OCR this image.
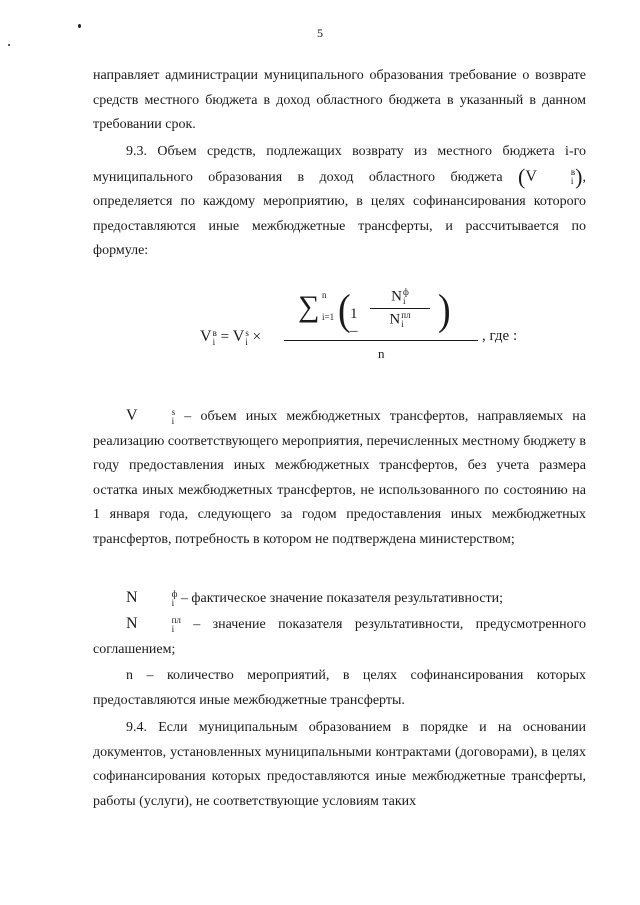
5

направляет администрации муниципального образования требование о возврате средств местного бюджета в доход областного бюджета в указанный в данном требовании срок.

9.3. Объем средств, подлежащих возврату из местного бюджета i-го муниципального образования в доход областного бюджета (V	в
i ), определяется по каждому мероприятию, в целях софинансирования которого предоставляются иные межбюджетные трансферты, и рассчитывается по формуле:

V в
i = V s
i ×
∑ n
i=1 ( 1 –
N ф
i
N пл
i )
n
, где :

V	s
i – объем иных межбюджетных трансфертов, направляемых на реализацию соответствующего мероприятия, перечисленных местному бюджету в году предоставления иных межбюджетных трансфертов, без учета размера остатка иных межбюджетных трансфертов, не использованного по состоянию на 1 января года, следующего за годом предоставления иных межбюджетных трансфертов, потребность в котором не подтверждена министерством;

N	ф
i – фактическое значение показателя результативности;

N	пл
i – значение показателя результативности, предусмотренного соглашением;

n – количество мероприятий, в целях софинансирования которых предоставляются иные межбюджетные трансферты.

9.4. Если муниципальным образованием в порядке и на основании документов, установленных муниципальными контрактами (договорами), в целях софинансирования которых предоставляются иные межбюджетные трансферты, работы (услуги), не соответствующие условиям таких
